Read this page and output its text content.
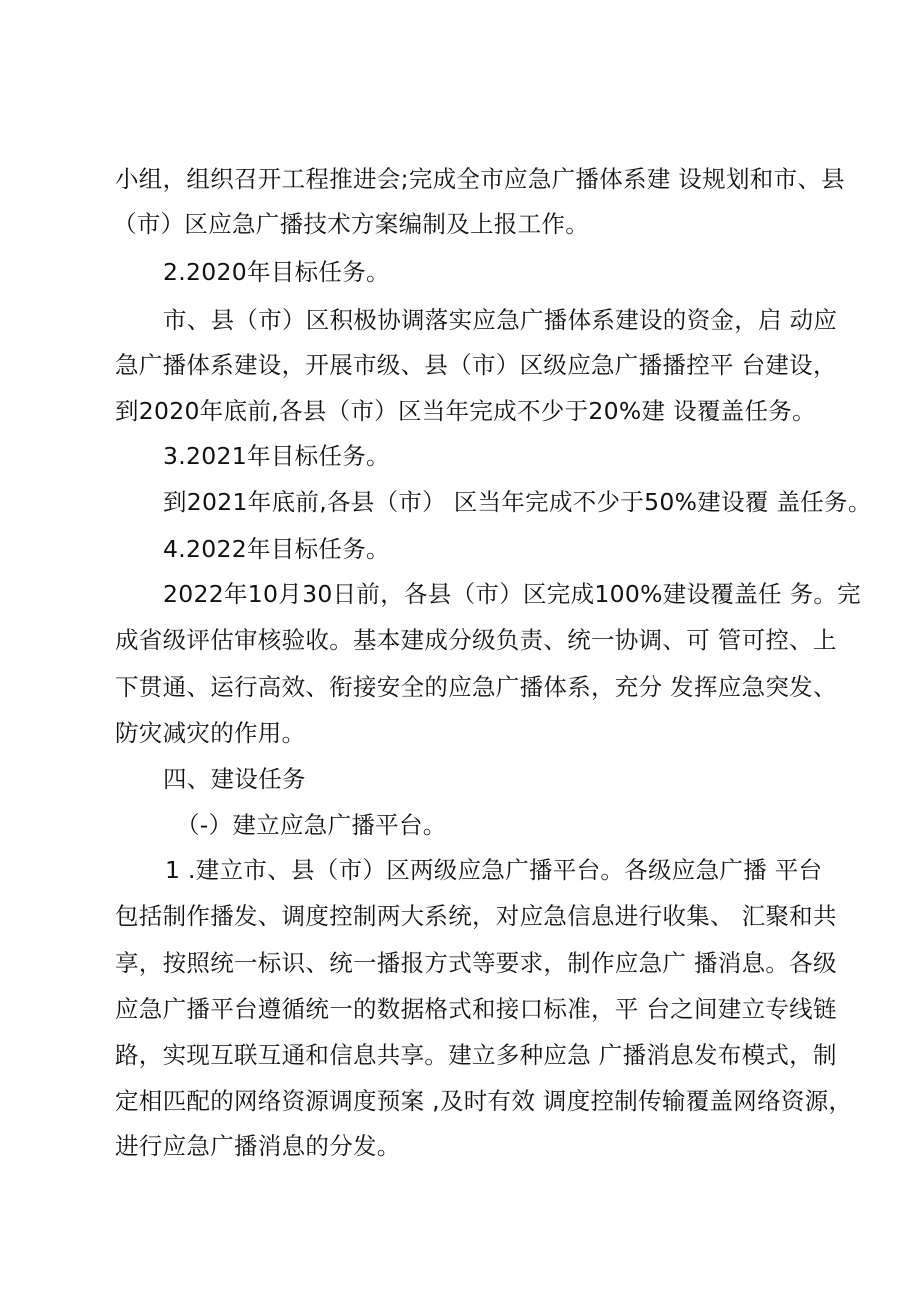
小组，组织召开工程推进会;完成全市应急广播体系建 设规划和市、县
（市）区应急广播技术方案编制及上报工作。
2.2020年目标任务。
市、县（市）区积极协调落实应急广播体系建设的资金，启 动应
急广播体系建设，开展市级、县（市）区级应急广播播控平 台建设，
到2020年底前,各县（市）区当年完成不少于20%建 设覆盖任务。
3.2021年目标任务。
到2021年底前,各县（市） 区当年完成不少于50%建设覆 盖任务。
4.2022年目标任务。
2022年10月30日前，各县（市）区完成100%建设覆盖任 务。完
成省级评估审核验收。基本建成分级负责、统一协调、可 管可控、上
下贯通、运行高效、衔接安全的应急广播体系，充分 发挥应急突发、
防灾减灾的作用。
四、建设任务
（-）建立应急广播平台。
1 .建立市、县（市）区两级应急广播平台。各级应急广播 平台
包括制作播发、调度控制两大系统，对应急信息进行收集、 汇聚和共
享，按照统一标识、统一播报方式等要求，制作应急广 播消息。各级
应急广播平台遵循统一的数据格式和接口标准，平 台之间建立专线链
路，实现互联互通和信息共享。建立多种应急 广播消息发布模式，制
定相匹配的网络资源调度预案 ,及时有效 调度控制传输覆盖网络资源，
进行应急广播消息的分发。
